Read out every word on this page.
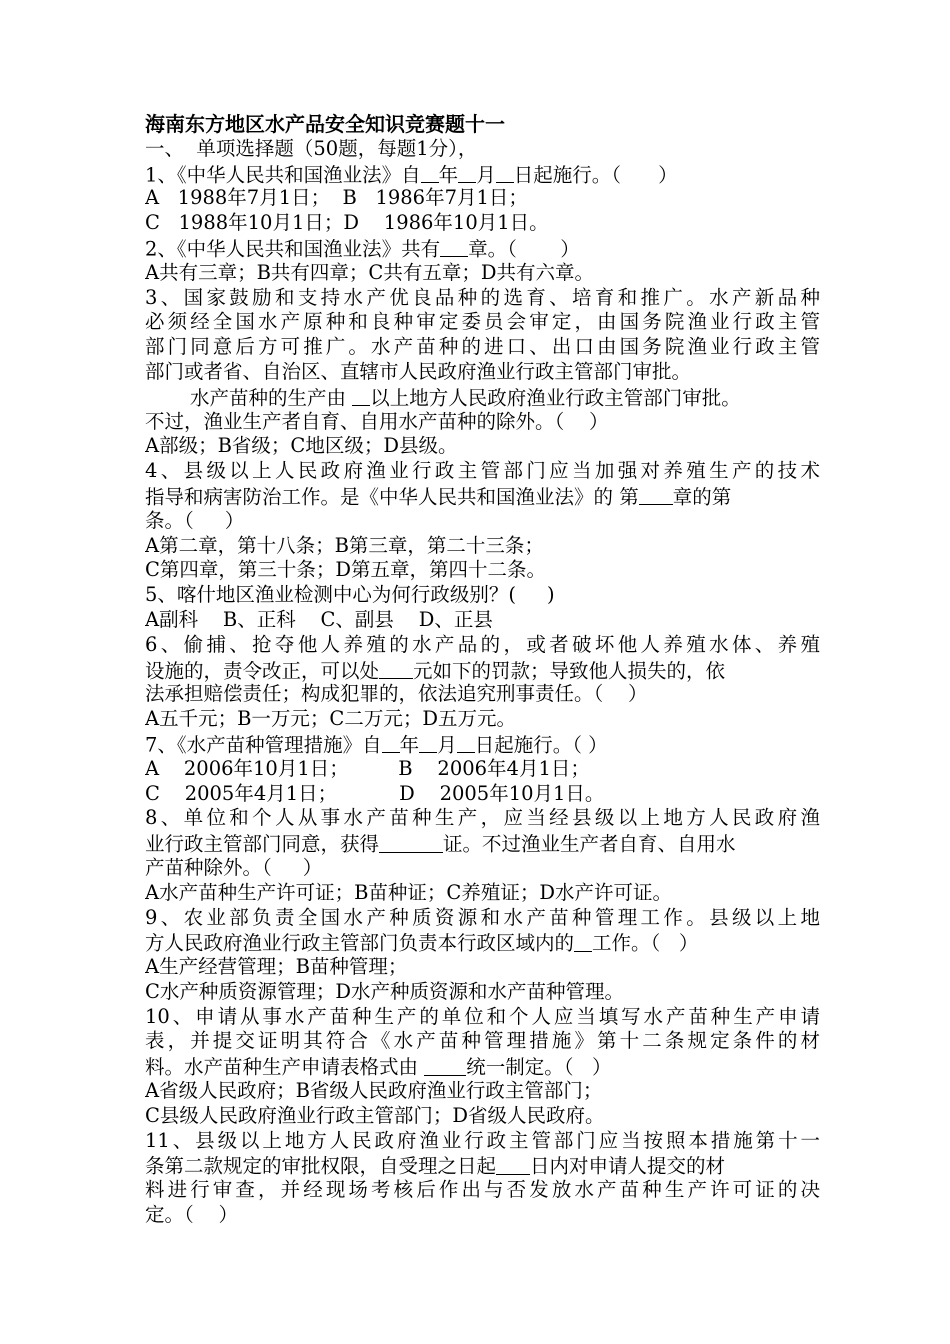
海南东方地区水产品安全知识竞赛题十一
一、  单项选择题（50题，每题1分），
1、《中华人民共和国渔业法》自 年 月 日起施行。（      ）
A   1988年7月1日；  B   1986年7月1日；
C   1988年10月1日；D    1986年10月1日。
2、《中华人民共和国渔业法》共有 章。（       ）
A共有三章；B共有四章；C共有五章；D共有六章。
3、国家鼓励和支持水产优良品种的选育、培育和推广。水产新品种
必须经全国水产原种和良种审定委员会审定，由国务院渔业行政主管
部门同意后方可推广。水产苗种的进口、出口由国务院渔业行政主管
部门或者省、自治区、直辖市人民政府渔业行政主管部门审批。
水产苗种的生产由 以上地方人民政府渔业行政主管部门审批。
不过，渔业生产者自育、自用水产苗种的除外。（    ）
A部级；B省级；C地区级；D县级。
4、县级以上人民政府渔业行政主管部门应当加强对养殖生产的技术
指导和病害防治工作。是《中华人民共和国渔业法》的 第 章的第
条。（     ）
A第二章，第十八条；B第三章，第二十三条；
C第四章，第三十条；D第五章，第四十二条。
5、喀什地区渔业检测中心为何行政级别？(     )
A副科    B、正科    C、副县    D、正县
6、偷捕、抢夺他人养殖的水产品的，或者破坏他人养殖水体、养殖
设施的，责令改正，可以处 元如下的罚款；导致他人损失的，依
法承担赔偿责任；构成犯罪的，依法追究刑事责任。（    ）
A五千元；B一万元；C二万元；D五万元。
7、《水产苗种管理措施》自 年 月 日起施行。（ ）
A    2006年10月1日；        B    2006年4月1日；
C    2005年4月1日；          D    2005年10月1日。
8、单位和个人从事水产苗种生产，应当经县级以上地方人民政府渔
业行政主管部门同意，获得	证。不过渔业生产者自育、自用水
产苗种除外。（     ）
A水产苗种生产许可证；B苗种证；C养殖证；D水产许可证。
9、农业部负责全国水产种质资源和水产苗种管理工作。县级以上地
方人民政府渔业行政主管部门负责本行政区域内的 工作。（   ）
A生产经营管理；B苗种管理；
C水产种质资源管理；D水产种质资源和水产苗种管理。
10、申请从事水产苗种生产的单位和个人应当填写水产苗种生产申请
表，并提交证明其符合《水产苗种管理措施》第十二条规定条件的材
料。水产苗种生产申请表格式由 统一制定。（   ）
A省级人民政府；B省级人民政府渔业行政主管部门；
C县级人民政府渔业行政主管部门；D省级人民政府。
11、县级以上地方人民政府渔业行政主管部门应当按照本措施第十一
条第二款规定的审批权限，自受理之日起 日内对申请人提交的材
料进行审查，并经现场考核后作出与否发放水产苗种生产许可证的决
定。（    ）
